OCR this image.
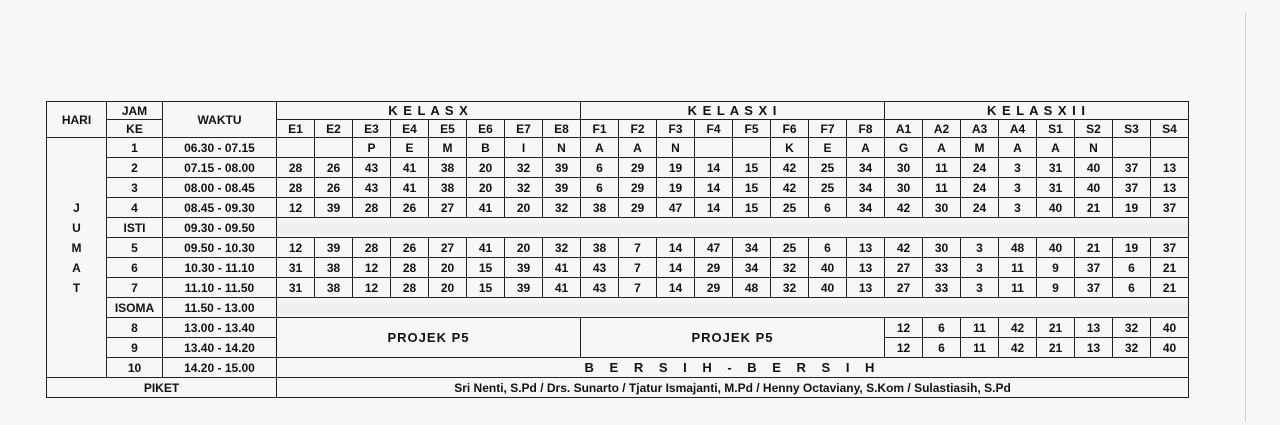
HARI	JAM	WAKTU	K E L A S X								K E L A S X I								K E L A S X I I							
	KE		E1	E2	E3	E4	E5	E6	E7	E8	F1	F2	F3	F4	F5	F6	F7	F8	A1	A2	A3	A4	S1	S2	S3	S4
	1	06.30 - 07.15			P	E	M	B	I	N	A	A	N			K	E	A	G	A	M	A	A	N		
	2	07.15 - 08.00	28	26	43	41	38	20	32	39	6	29	19	14	15	42	25	34	30	11	24	3	31	40	37	13
	3	08.00 - 08.45	28	26	43	41	38	20	32	39	6	29	19	14	15	42	25	34	30	11	24	3	31	40	37	13
J	4	08.45 - 09.30	12	39	28	26	27	41	20	32	38	29	47	14	15	25	6	34	42	30	24	3	40	21	19	37
U	ISTI	09.30 - 09.50																								
M	5	09.50 - 10.30	12	39	28	26	27	41	20	32	38	7	14	47	34	25	6	13	42	30	3	48	40	21	19	37
A	6	10.30 - 11.10	31	38	12	28	20	15	39	41	43	7	14	29	34	32	40	13	27	33	3	11	9	37	6	21
T	7	11.10 - 11.50	31	38	12	28	20	15	39	41	43	7	14	29	48	32	40	13	27	33	3	11	9	37	6	21
	ISOMA	11.50 - 13.00																								
	8	13.00 - 13.40	PROJEK P5								PROJEK P5								12	6	11	42	21	13	32	40
	9	13.40 - 14.20																	12	6	11	42	21	13	32	40
	10	14.20 - 15.00	B E R S I H - B E R S I H																							
PIKET			Sri Nenti, S.Pd / Drs. Sunarto / Tjatur Ismajanti, M.Pd / Henny Octaviany, S.Kom / Sulastiasih, S.Pd																							
